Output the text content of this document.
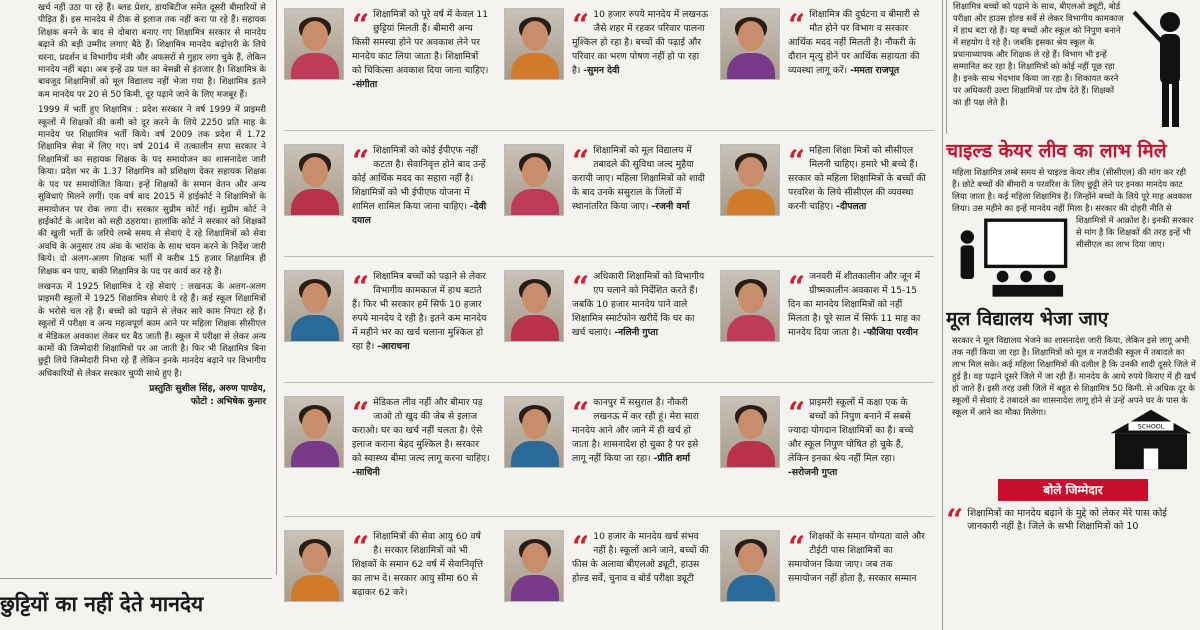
खर्च नहीं उठा पा रहे हैं। ब्लड प्रेशर, डायबिटीज समेत दूसरी बीमारियों से पीड़ित हैं। इस मानदेय में ठीक से इलाज तक नहीं करा पा रहे हैं। सहायक शिक्षक बनने के बाद से दोबारा बनाए गए शिक्षामित्र सरकार से मानदेय बढ़ाने की बड़ी उम्मीद लगाए बैठे हैं। शिक्षामित्र मानदेय बढ़ोत्तरी के लिये धरना, प्रदर्शन व विभागीय मंत्री और अफसरों से गुहार लगा चुके हैं, लेकिन मानदेय नहीं बढ़ा। अब इन्हें उप्र पल का बेसब्री से इंतजार है। शिक्षामित्र के बावजूद शिक्षामित्रों को मूल विद्यालय नहीं भेजा गया है। शिक्षामित्र इतने कम मानदेय पर 20 से 50 किमी. दूर पढ़ाने जाने के लिए मजबूर हैं।

1999 में भर्ती हुए शिक्षामित्र : प्रदेश सरकार ने वर्ष 1999 में प्राइमरी स्कूलों में शिक्षकों की कमी को दूर करने के लिये 2250 प्रति माह के मानदेय पर शिक्षामित्र भर्ती किये। वर्ष 2009 तक प्रदेश में 1.72 शिक्षामित्र सेवा में लिए गए। वर्ष 2014 में तत्कालीन सपा सरकार ने शिक्षामित्रों का सहायक शिक्षक के पद समायोजन का शासनादेश जारी किया। प्रदेश भर के 1.37 शिक्षामित्र को प्रशिक्षण देकर सहायक शिक्षक के पद पर समायोजित किया। इन्हें शिक्षकों के समान वेतन और अन्य सुविधाएं मिलने लगीं। एक वर्ष बाद 2015 में हाईकोर्ट ने शिक्षामित्रों के समायोजन पर रोक लगा दी। सरकार सुप्रीम कोर्ट गई। सुप्रीम कोर्ट ने हाईकोर्ट के आदेश को सही ठहराया। हालांकि कोर्ट ने सरकार को शिक्षकों की खुली भर्ती के जरिये लम्बे समय से सेवाएं दे रहे शिक्षामित्रों को सेवा अवधि के अनुसार तय अंक के भारांक के साथ चयन करने के निर्देश जारी किये। दो अलग-अलग शिक्षक भर्ती में करीब 15 हजार शिक्षामित्र ही शिक्षक बन पाए, बाकी शिक्षामित्र के पद पर कार्य कर रहे हैं।

लखनऊ में 1925 शिक्षामित्र दे रहे सेवाएं : लखनऊ के अलग-अलग प्राइमरी स्कूलों में 1925 शिक्षामित्र सेवाएं दे रहे हैं। कई स्कूल शिक्षामित्रों के भरोसे चल रहे हैं। बच्चों को पढ़ाने से लेकर सारे काम निपटा रहे हैं। स्कूलों में परीक्षा व अन्य महत्वपूर्ण काम आने पर महिला शिक्षक सीसीएल व मेडिकल अवकाश लेकर घर बैठ जाती हैं। स्कूल में परीक्षा से लेकर अन्य कामों की जिम्मेदारी शिक्षामित्रों पर आ जाती है। फिर भी शिक्षामित्र बिना छुट्टी लिये जिम्मेदारी निभा रहे हैं लेकिन इनके मानदेय बढ़ाने पर विभागीय अधिकारियों से लेकर सरकार चुप्पी साधे हुए है।

प्रस्तुतिः सुशील सिंह, अरुण पाण्डेय,
फोटो : अभिषेक कुमार
छुट्टियों का नहीं देते मानदेय
“ शिक्षामित्रों को पूरे वर्ष में केवल 11 छुट्टियां मिलती हैं। बीमारी अन्य किसी समस्या होने पर अवकाश लेने पर मानदेय काट लिया जाता है। शिक्षामित्रों को चिकित्सा अवकाश दिया जाना चाहिए। -संगीता
“ 10 हजार रुपये मानदेय में लखनऊ जैसे शहर में रहकर परिवार पालना मुश्किल हो रहा है। बच्चों की पढ़ाई और परिवार का भरण पोषण नहीं हो पा रहा है। -सुमन देवी
“ शिक्षामित्र की दुर्घटना व बीमारी से मौत होने पर विभाग व सरकार आर्थिक मदद नहीं मिलती है। नौकरी के दौरान मृत्यु होने पर आर्थिक सहायता की व्यवस्था लागू करें। -ममता राजपूत
“ शिक्षामित्रों को कोई ईपीएफ नहीं कटता है। सेवानिवृत्त होने बाद उन्हें कोई आर्थिक मदद का सहारा नहीं है। शिक्षामित्रों को भी ईपीएफ योजना में शामिल शामिल किया जाना चाहिए। -देवी दयाल
“ शिक्षामित्रों को मूल विद्यालय में तबादले की सुविधा जल्द मुहैया करायी जाए। महिला शिक्षामित्रों को शादी के बाद उनके ससुराल के जिलों में स्थानांतरित किया जाए। -रजनी वर्मा
“ महिला शिक्षा मित्रों को सीसीएल मिलनी चाहिए। हमारे भी बच्चे हैं। सरकार को महिला शिक्षामित्रों के बच्चों की परवरिश के लिये सीसीएल की व्यवस्था करनी चाहिए। -दीपलता
“ शिक्षामित्र बच्चों को पढ़ाने से लेकर विभागीय कामकाज में हाथ बटाते हैं। फिर भी सरकार हमें सिर्फ 10 हजार रुपये मानदेय दे रही है। इतने कम मानदेय में महीने भर का खर्च चलाना मुश्किल हो रहा है। -आराधना
“ अधिकारी शिक्षामित्रों को विभागीय एप चलाने को निर्देशित करते हैं। जबकि 10 हजार मानदेय पाने वाले शिक्षामित्र स्मार्टफोन खरीदें कि घर का खर्च चलाएं। -नलिनी गुप्ता
“ जनवरी में शीतकालीन और जून में ग्रीष्मकालीन अवकाश में 15-15 दिन का मानदेय शिक्षामित्रों को नहीं मिलता है। पूरे साल में सिर्फ 11 माह का मानदेय दिया जाता है। -फौजिया परवीन
“ मेडिकल लीव नहीं और बीमार पड़ जाओ तो खुद की जेब से इलाज कराओ। घर का खर्च नहीं चलता है। ऐसे इलाज कराना बेहद मुश्किल है। सरकार को स्वास्थ्य बीमा जल्द लागू करना चाहिए। -साधिनी
“ कानपुर में ससुराल है। नौकरी लखनऊ में कर रही हूं। मेरा सारा मानदेय आने और जाने में ही खर्च हो जाता है। शासनादेश हो चुका है पर इसे लागू नहीं किया जा रहा। -प्रीति शर्मा
“ प्राइमरी स्कूलों में कक्षा एक के बच्चों को निपुण बनाने में सबसे ज्यादा योगदान शिक्षामित्रों का है। बच्चे और स्कूल निपुण घोषित हो चुके हैं, लेकिन इनका श्रेय नहीं मिल रहा। -सरोजनी गुप्ता
“ शिक्षामित्रों की सेवा आयु 60 वर्ष है। सरकार शिक्षामित्रों को भी शिक्षकों के समान 62 वर्ष में सेवानिवृत्ति का लाभ दे। सरकार आयु सीमा 60 से बढ़ाकर 62 करे।
“ 10 हजार के मानदेय खर्च संभव नहीं है। स्कूलों आने जाने, बच्चों की फीस के अलावा बीएलओ ड्यूटी, हाउस होल्ड सर्वे, चुनाव व बोर्ड परीक्षा ड्यूटी
“ शिक्षकों के समान योग्यता वाले और टीईटी पास शिक्षामित्रों का समायोजन किया जाए। जब तक समायोजन नहीं होता है, सरकार सम्मान
शिक्षामित्र बच्चों को पढ़ाने के साथ, बीएलओ ड्यूटी, बोर्ड परीक्षा और हाउस होल्ड सर्वे से लेकर विभागीय कामकाज में हाथ बटा रहे हैं। यह बच्चों और स्कूल को निपुण बनाने में सहयोग दे रहे हैं। जबकि इसका श्रेय स्कूल के प्रधानाध्यापक और शिक्षक ले रहे हैं। विभाग भी इन्हें सम्मानित कर रहा है। शिक्षामित्रों को कोई नहीं पूछ रहा है। इनके साथ भेदभाव किया जा रहा है। शिकायत करने पर अधिकारी उल्टा शिक्षामित्रों पर दोष देते हैं। शिक्षकों का ही पक्ष लेते हैं।
चाइल्ड केयर लीव का लाभ मिले
महिला शिक्षामित्र लम्बे समय से चाइल्ड केयर लीव (सीसीएल) की मांग कर रही हैं। छोटे बच्चों की बीमारी व परवरिश के लिए छुट्टी लेने पर इनका मानदेय काट लिया जाता है। कई महिला शिक्षामित्र हैं। जिन्होंने बच्चों के लिये पूरे माह अवकाश लिया। उस महीने का इन्हें मानदेय नहीं मिला है। सरकार की दोहरी नीति से शिक्षामित्रों में आक्रोश है। इनकी सरकार से मांग है कि शिक्षकों की तरह इन्हें भी सीसीएल का लाभ दिया जाए।
मूल विद्यालय भेजा जाए
SCHOOL
सरकार ने मूल विद्यालय भेजने का शासनादेश जारी किया, लेकिन इसे लागू अभी तक नहीं किया जा रहा है। शिक्षामित्रों को मूल व नजदीकी स्कूल में तबादले का लाभ मिल सके। कई महिला शिक्षामित्रों की दलील है कि उनकी शादी दूसरे जिले में हुई है। वह पढ़ाने दूसरे जिले में जा रही हैं। मानदेय के आधे रुपये किराए में ही खर्च हो जाते हैं। इसी तरह उसी जिले में बहुत से शिक्षामित्र 50 किमी. से अधिक दूर के स्कूलों में सेवाएं दे तबादले का शासनादेश लागू होने से उन्हें अपने घर के पास के स्कूल में आने का मौका मिलेगा।
बोले जिम्मेदार
“ शिक्षामित्रों का मानदेय बढ़ाने के मुद्दे को लेकर मेरे पास कोई जानकारी नहीं है। जिले के सभी शिक्षामित्रों को 10
